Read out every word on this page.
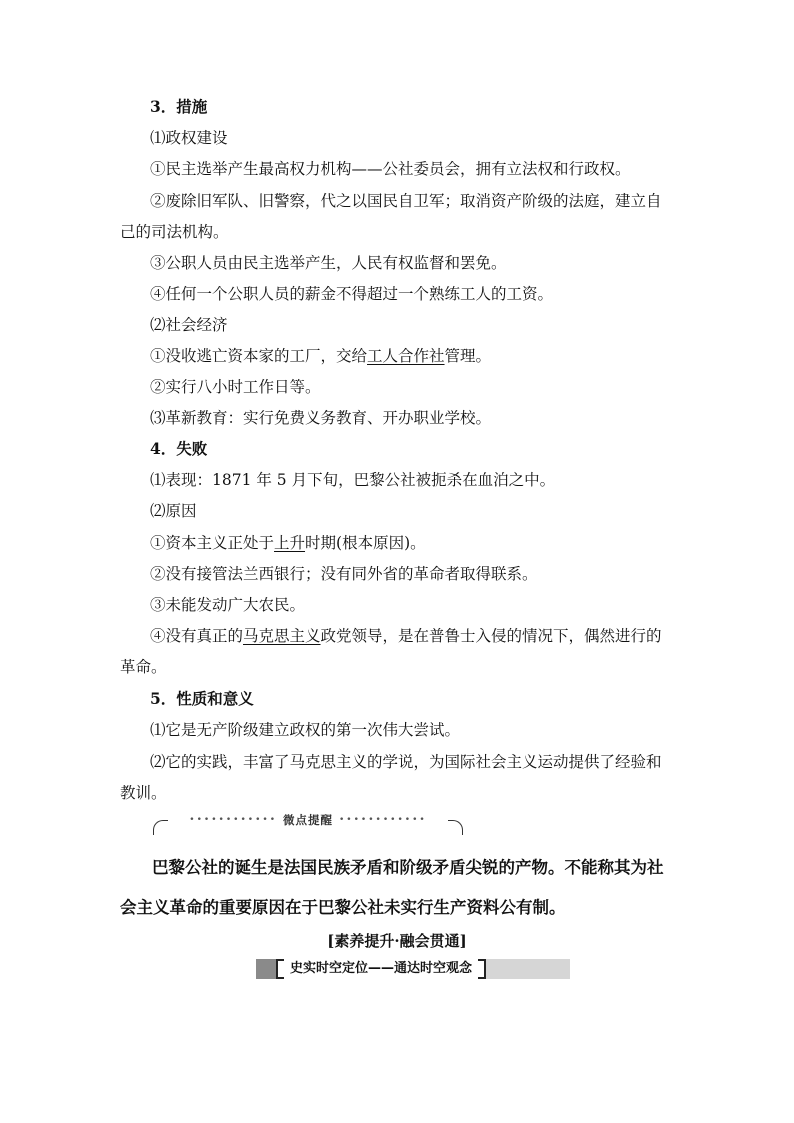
3．措施
⑴政权建设
①民主选举产生最高权力机构——公社委员会，拥有立法权和行政权。
②废除旧军队、旧警察，代之以国民自卫军；取消资产阶级的法庭，建立自己的司法机构。
③公职人员由民主选举产生，人民有权监督和罢免。
④任何一个公职人员的薪金不得超过一个熟练工人的工资。
⑵社会经济
①没收逃亡资本家的工厂，交给工人合作社管理。
②实行八小时工作日等。
⑶革新教育：实行免费义务教育、开办职业学校。
4．失败
⑴表现：1871 年 5 月下旬，巴黎公社被扼杀在血泊之中。
⑵原因
①资本主义正处于上升时期(根本原因)。
②没有接管法兰西银行；没有同外省的革命者取得联系。
③未能发动广大农民。
④没有真正的马克思主义政党领导，是在普鲁士入侵的情况下，偶然进行的革命。
5．性质和意义
⑴它是无产阶级建立政权的第一次伟大尝试。
⑵它的实践，丰富了马克思主义的学说，为国际社会主义运动提供了经验和教训。
•••••••••••• 微点提醒 ••••••••••••
巴黎公社的诞生是法国民族矛盾和阶级矛盾尖锐的产物。不能称其为社会主义革命的重要原因在于巴黎公社未实行生产资料公有制。
[素养提升·融会贯通]
史实时空定位——通达时空观念
